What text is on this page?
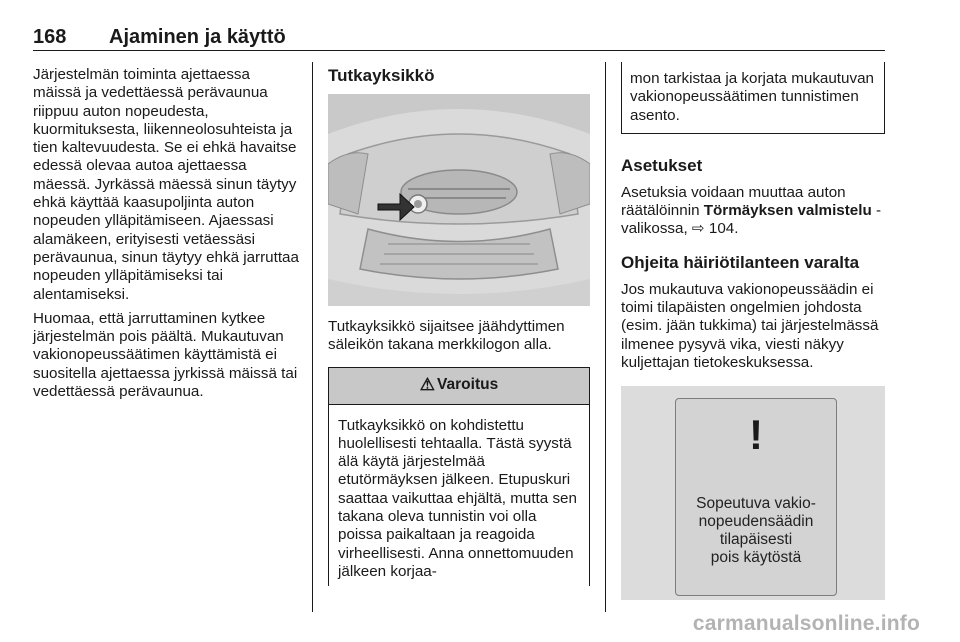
168 Ajaminen ja käyttö

Järjestelmän toiminta ajettaessa mäissä ja vedettäessä perävaunua riippuu auton nopeudesta, kuormituksesta, liikenneolosuhteista ja tien kaltevuudesta. Se ei ehkä havaitse edessä olevaa autoa ajettaessa mäessä. Jyrkässä mäessä sinun täytyy ehkä käyttää kaasupoljinta auton nopeuden ylläpitämiseen. Ajaessasi alamäkeen, erityisesti vetäessäsi perävaunua, sinun täytyy ehkä jarruttaa nopeuden ylläpitämiseksi tai alentamiseksi.

Huomaa, että jarruttaminen kytkee järjestelmän pois päältä. Mukautuvan vakionopeussäätimen käyttämistä ei suositella ajettaessa jyrkissä mäissä tai vedettäessä perävaunua.

Tutkayksikkö
Tutkayksikkö sijaitsee jäähdyttimen säleikön takana merkkilogon alla.
⚠ Varoitus
Tutkayksikkö on kohdistettu huolellisesti tehtaalla. Tästä syystä älä käytä järjestelmää etutörmäyksen jälkeen. Etupuskuri saattaa vaikuttaa ehjältä, mutta sen takana oleva tunnistin voi olla poissa paikaltaan ja reagoida virheellisesti. Anna onnettomuuden jälkeen korjaa-
mon tarkistaa ja korjata mukautuvan vakionopeussäätimen tunnistimen asento.
Asetukset

Asetuksia voidaan muuttaa auton räätälöinnin Törmäyksen valmistelu -valikossa, ⇨ 104.

Ohjeita häiriötilanteen varalta

Jos mukautuva vakionopeussäädin ei toimi tilapäisten ongelmien johdosta (esim. jään tukkima) tai järjestelmässä ilmenee pysyvä vika, viesti näkyy kuljettajan tietokeskuksessa.

!
Sopeutuva vakio-
nopeudensäädin
tilapäisesti
pois käytöstä
carmanualsonline.info
